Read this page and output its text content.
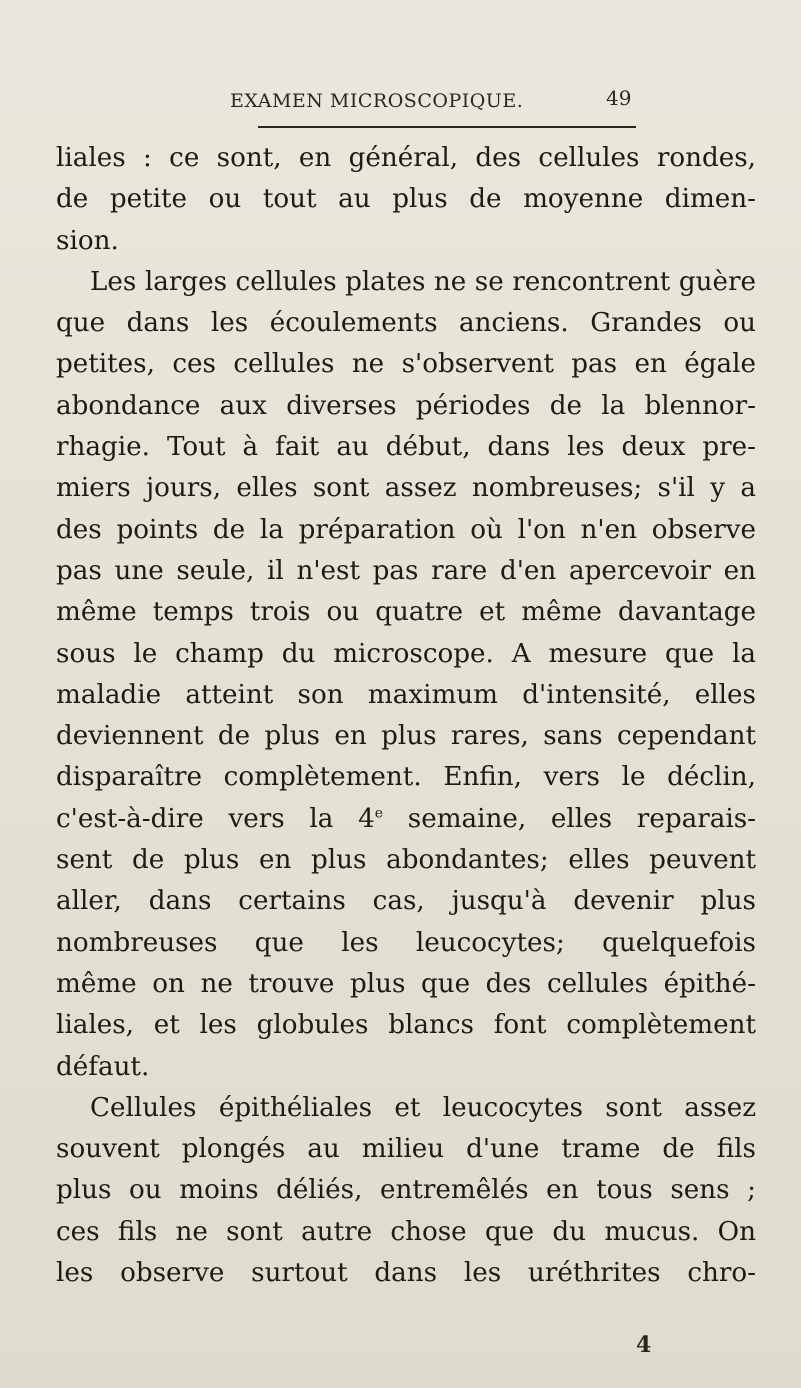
EXAMEN MICROSCOPIQUE.	49
liales : ce sont, en général, des cellules rondes,
de petite ou tout au plus de moyenne dimen-
sion.
Les larges cellules plates ne se rencontrent guère
que dans les écoulements anciens. Grandes ou
petites, ces cellules ne s'observent pas en égale
abondance aux diverses périodes de la blennor-
rhagie. Tout à fait au début, dans les deux pre-
miers jours, elles sont assez nombreuses; s'il y a
des points de la préparation où l'on n'en observe
pas une seule, il n'est pas rare d'en apercevoir en
même temps trois ou quatre et même davantage
sous le champ du microscope. A mesure que la
maladie atteint son maximum d'intensité, elles
deviennent de plus en plus rares, sans cependant
disparaître complètement. Enfin, vers le déclin,
c'est-à-dire vers la 4e semaine, elles reparais-
sent de plus en plus abondantes; elles peuvent
aller, dans certains cas, jusqu'à devenir plus
nombreuses que les leucocytes; quelquefois
même on ne trouve plus que des cellules épithé-
liales, et les globules blancs font complètement
défaut.
Cellules épithéliales et leucocytes sont assez
souvent plongés au milieu d'une trame de fils
plus ou moins déliés, entremêlés en tous sens ;
ces fils ne sont autre chose que du mucus. On
les observe surtout dans les uréthrites chro-
4
